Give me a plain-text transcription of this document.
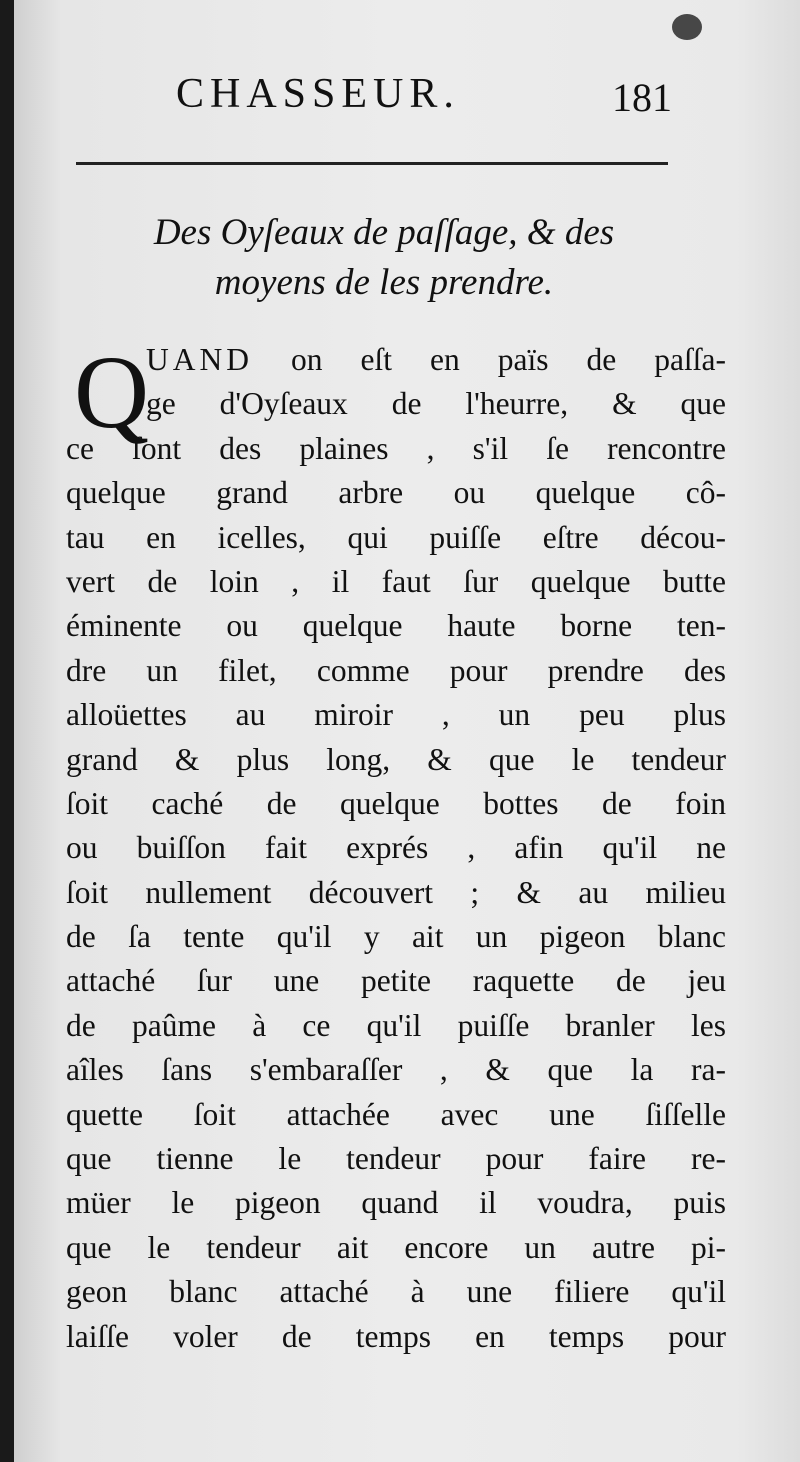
CHASSEUR.	181
Des Oyſeaux de paſſage, & des
moyens de les prendre.
Q
UAND on eſt en païs de paſſa-
ge d'Oyſeaux de l'heurre, & que
ce ſont des plaines , s'il ſe rencontre
quelque grand arbre ou quelque cô-
tau en icelles, qui puiſſe eſtre décou-
vert de loin , il faut ſur quelque butte
éminente ou quelque haute borne ten-
dre un filet, comme pour prendre des
alloüettes au miroir , un peu plus
grand & plus long, & que le tendeur
ſoit caché de quelque bottes de foin
ou buiſſon fait exprés , afin qu'il ne
ſoit nullement découvert ; & au milieu
de ſa tente qu'il y ait un pigeon blanc
attaché ſur une petite raquette de jeu
de paûme à ce qu'il puiſſe branler les
aîles ſans s'embaraſſer , & que la ra-
quette ſoit attachée avec une ſiſſelle
que tienne le tendeur pour faire re-
müer le pigeon quand il voudra, puis
que le tendeur ait encore un autre pi-
geon blanc attaché à une filiere qu'il
laiſſe voler de temps en temps pour
